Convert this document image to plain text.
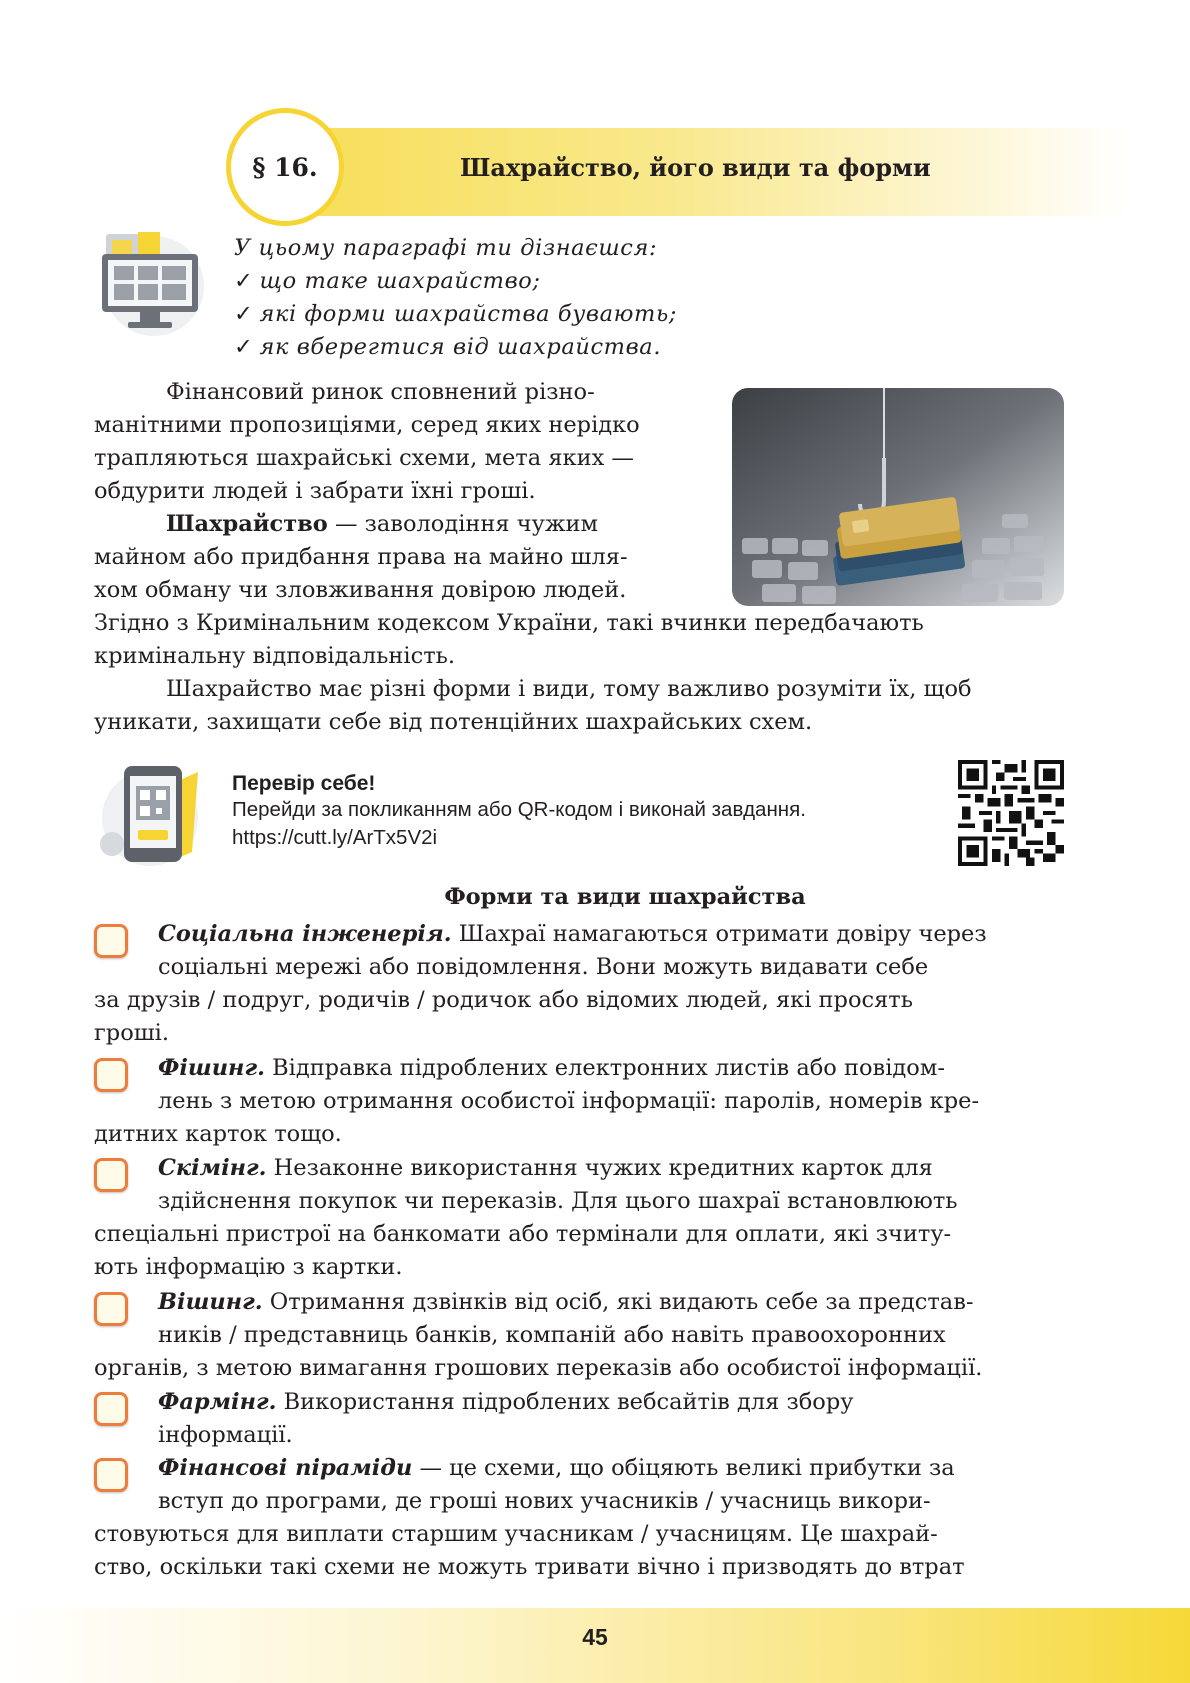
§ 16.	Шахрайство, його види та форми
У цьому параграфі ти дізнаєшся:
✓ що таке шахрайство;
✓ які форми шахрайства бувають;
✓ як вберегтися від шахрайства.

Фінансовий ринок сповнений різно-

манітними пропозиціями, серед яких нерідко

трапляються шахрайські схеми, мета яких —

обдурити людей і забрати їхні гроші.

Шахрайство — заволодіння чужим

майном або придбання права на майно шля-

хом обману чи зловживання довірою людей.

Згідно з Кримінальним кодексом України, такі вчинки передбачають

кримінальну відповідальність.

Шахрайство має різні форми і види, тому важливо розуміти їх, щоб

уникати, захищати себе від потенційних шахрайських схем.

Перевір себе!
Перейди за покликанням або QR-кодом і виконай завдання.
https://cutt.ly/ArTx5V2i
Форми та види шахрайства
Соціальна інженерія. Шахраї намагаються отримати довіру через
соціальні мережі або повідомлення. Вони можуть видавати себе
за друзів / подруг, родичів / родичок або відомих людей, які просять
гроші.
Фішинг. Відправка підроблених електронних листів або повідом-
лень з метою отримання особистої інформації: паролів, номерів кре-
дитних карток тощо.
Скімінг. Незаконне використання чужих кредитних карток для
здійснення покупок чи переказів. Для цього шахраї встановлюють
спеціальні пристрої на банкомати або термінали для оплати, які зчиту-
ють інформацію з картки.
Вішинг. Отримання дзвінків від осіб, які видають себе за представ-
ників / представниць банків, компаній або навіть правоохоронних
органів, з метою вимагання грошових переказів або особистої інформації.
Фармінг. Використання підроблених вебсайтів для збору
інформації.
Фінансові піраміди — це схеми, що обіцяють великі прибутки за
вступ до програми, де гроші нових учасників / учасниць викори-
стовуються для виплати старшим учасникам / учасницям. Це шахрай-
ство, оскільки такі схеми не можуть тривати вічно і призводять до втрат
45
